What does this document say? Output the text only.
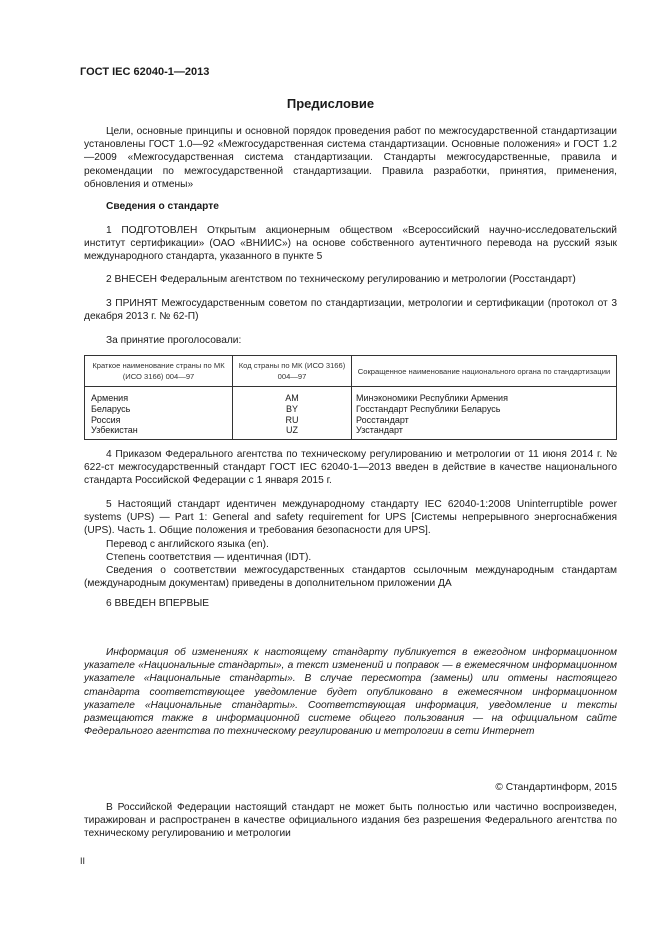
ГОСТ IEC 62040-1—2013
Предисловие

Цели, основные принципы и основной порядок проведения работ по межгосударственной стандартизации установлены ГОСТ 1.0—92 «Межгосударственная система стандартизации. Основные положения» и ГОСТ 1.2—2009 «Межгосударственная система стандартизации. Стандарты межгосударственные, правила и рекомендации по межгосударственной стандартизации. Правила разработки, принятия, применения, обновления и отмены»

Сведения о стандарте

1 ПОДГОТОВЛЕН Открытым акционерным обществом «Всероссийский научно-исследовательский институт сертификации» (ОАО «ВНИИС») на основе собственного аутентичного перевода на русский язык международного стандарта, указанного в пункте 5

2 ВНЕСЕН Федеральным агентством по техническому регулированию и метрологии (Росстандарт)

3 ПРИНЯТ Межгосударственным советом по стандартизации, метрологии и сертификации (протокол от 3 декабря 2013 г. № 62-П)

За принятие проголосовали:

Краткое наименование страны по МК (ИСО 3166) 004—97	Код страны по МК (ИСО 3166) 004—97	Сокращенное наименование национального органа по стандартизации
Армения	AM	Минэкономики Республики Армения
Беларусь	BY	Госстандарт Республики Беларусь
Россия	RU	Росстандарт
Узбекистан	UZ	Узстандарт

4 Приказом Федерального агентства по техническому регулированию и метрологии от 11 июня 2014 г. № 622-ст межгосударственный стандарт ГОСТ IEC 62040-1—2013 введен в действие в качестве национального стандарта Российской Федерации с 1 января 2015 г.

5 Настоящий стандарт идентичен международному стандарту IEC 62040-1:2008 Uninterruptible power systems (UPS) — Part 1: General and safety requirement for UPS [Системы непрерывного энергоснабжения (UPS). Часть 1. Общие положения и требования безопасности для UPS].
Перевод с английского языка (en).
Степень соответствия — идентичная (IDT).
Сведения о соответствии межгосударственных стандартов ссылочным международным стандартам (международным документам) приведены в дополнительном приложении ДА

6 ВВЕДЕН ВПЕРВЫЕ

Информация об изменениях к настоящему стандарту публикуется в ежегодном информационном указателе «Национальные стандарты», а текст изменений и поправок — в ежемесячном информационном указателе «Национальные стандарты». В случае пересмотра (замены) или отмены настоящего стандарта соответствующее уведомление будет опубликовано в ежемесячном информационном указателе «Национальные стандарты». Соответствующая информация, уведомление и тексты размещаются также в информационной системе общего пользования — на официальном сайте Федерального агентства по техническому регулированию и метрологии в сети Интернет

© Стандартинформ, 2015

В Российской Федерации настоящий стандарт не может быть полностью или частично воспроизведен, тиражирован и распространен в качестве официального издания без разрешения Федерального агентства по техническому регулированию и метрологии

II
